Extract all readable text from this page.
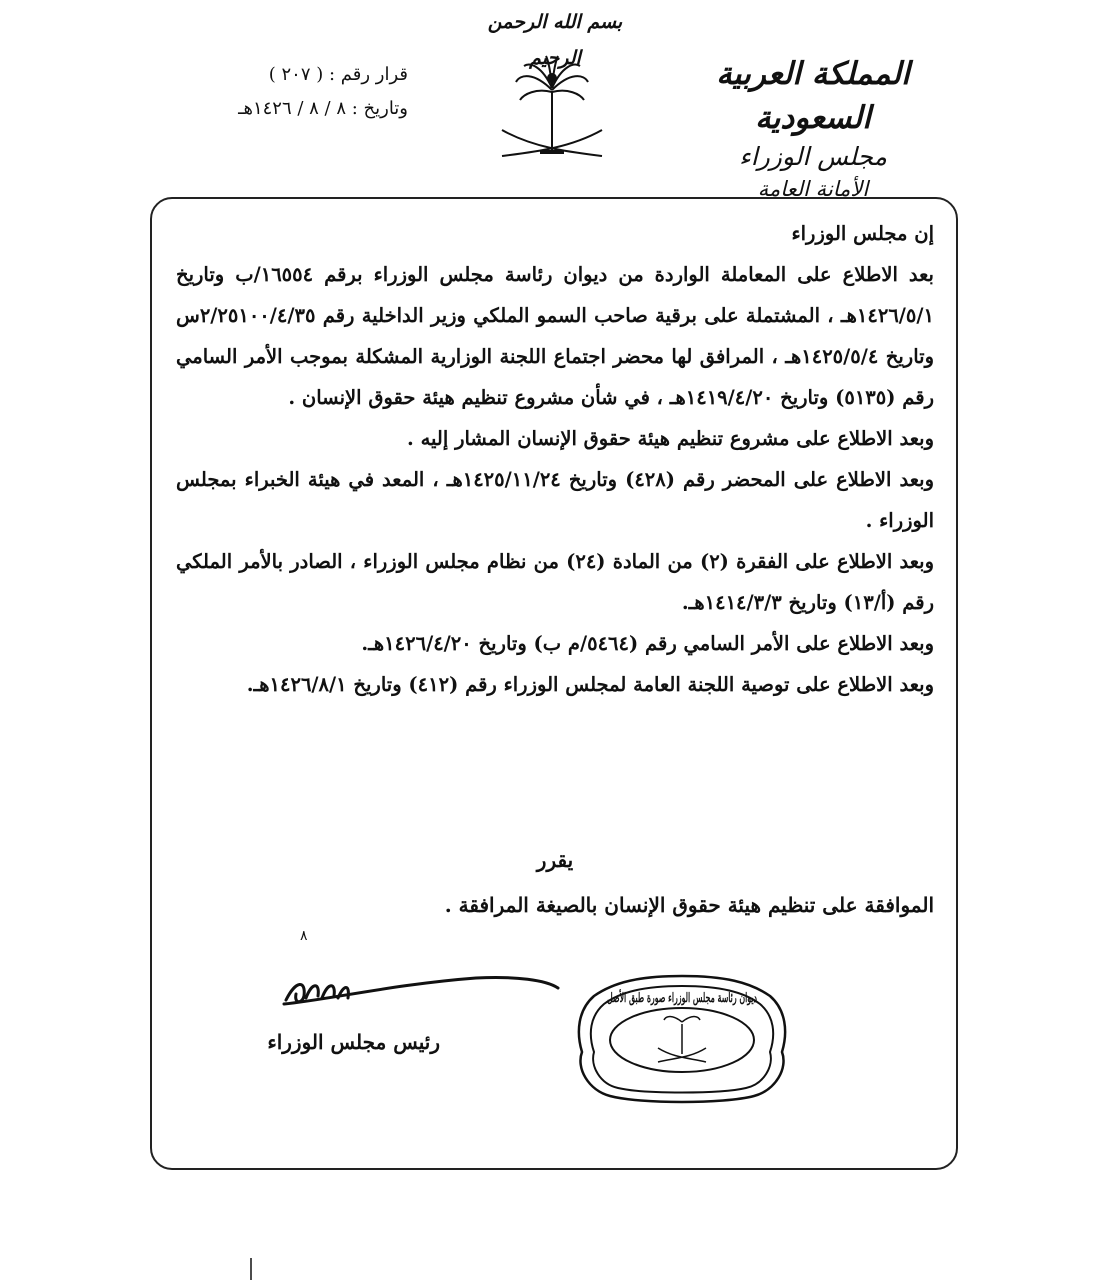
بسم الله الرحمن الرحيم	المملكة العربية السعودية
مجلس الوزراء
الأمانة العامة
قرار رقم : ( ٢٠٧ )
وتاريخ : ٨ / ٨ / ١٤٢٦هـ

إن مجلس الوزراء

بعد الاطلاع على المعاملة الواردة من ديوان رئاسة مجلس الوزراء برقم ١٦٥٥٤/ب وتاريخ ١٤٢٦/٥/١هـ ، المشتملة على برقية صاحب السمو الملكي وزير الداخلية رقم ٢/٢٥١٠٠/٤/٣٥س وتاريخ ١٤٢٥/٥/٤هـ ، المرافق لها محضر اجتماع اللجنة الوزارية المشكلة بموجب الأمر السامي رقم (٥١٣٥) وتاريخ ١٤١٩/٤/٢٠هـ ، في شأن مشروع تنظيم هيئة حقوق الإنسان .

وبعد الاطلاع على مشروع تنظيم هيئة حقوق الإنسان المشار إليه .

وبعد الاطلاع على المحضر رقم (٤٢٨) وتاريخ ١٤٢٥/١١/٢٤هـ ، المعد في هيئة الخبراء بمجلس الوزراء .

وبعد الاطلاع على الفقرة (٢) من المادة (٢٤) من نظام مجلس الوزراء ، الصادر بالأمر الملكي رقم (أ/١٣) وتاريخ ١٤١٤/٣/٣هـ.

وبعد الاطلاع على الأمر السامي رقم (٥٤٦٤/م ب) وتاريخ ١٤٢٦/٤/٢٠هـ.

وبعد الاطلاع على توصية اللجنة العامة لمجلس الوزراء رقم (٤١٢) وتاريخ ١٤٢٦/٨/١هـ.

يقرر
الموافقة على تنظيم هيئة حقوق الإنسان بالصيغة المرافقة .
٨
رئيس مجلس الوزراء
ديوان رئاسة مجلس الوزراء صورة طبق الأصل
